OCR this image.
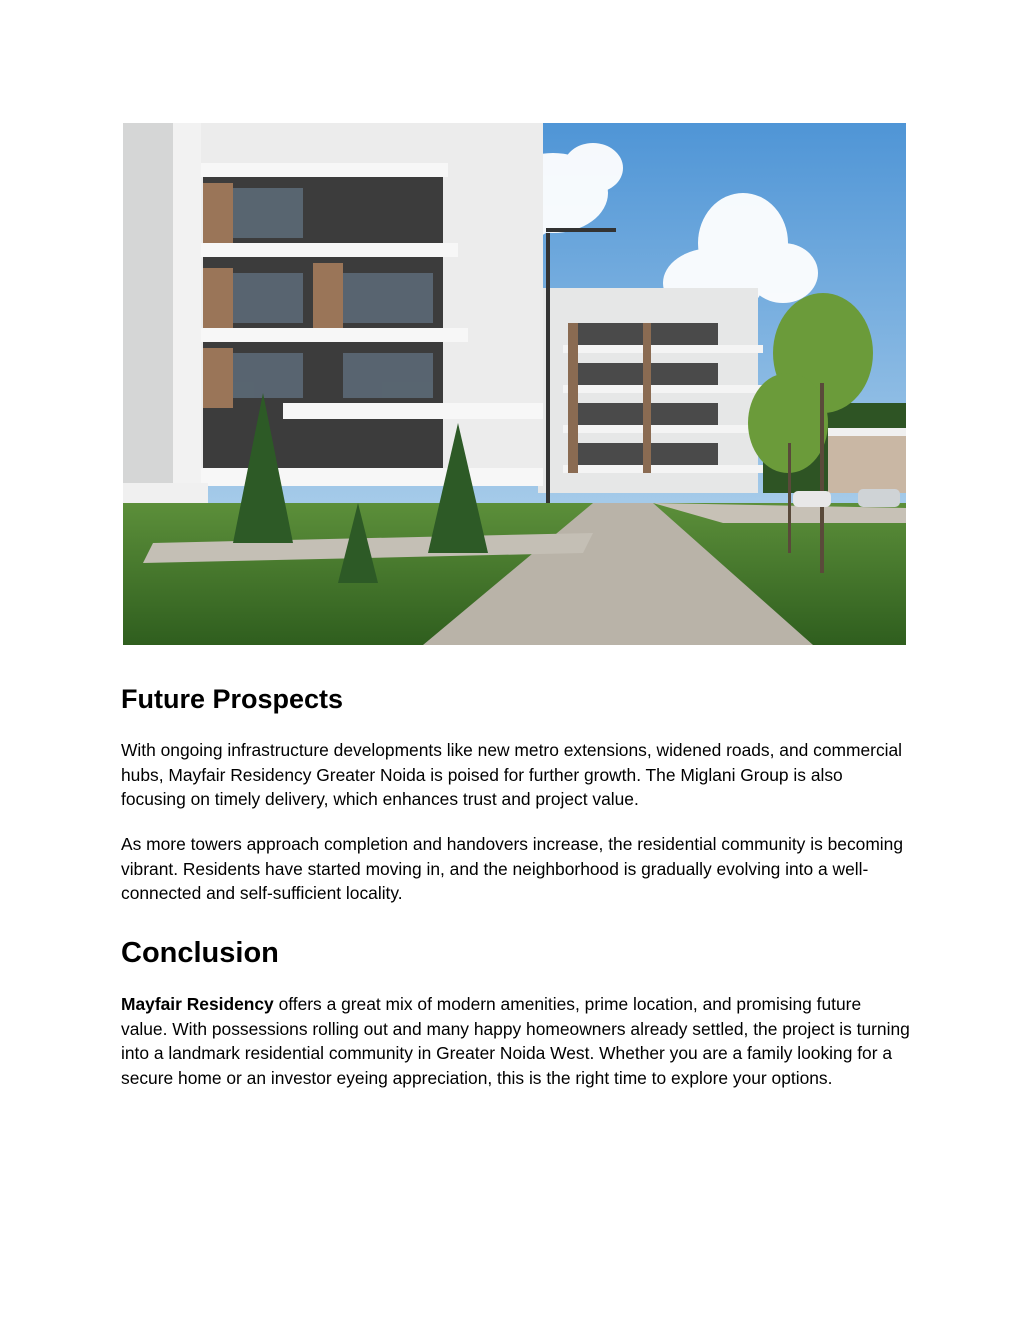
Future Prospects

With ongoing infrastructure developments like new metro extensions, widened roads, and commercial hubs, Mayfair Residency Greater Noida is poised for further growth. The Miglani Group is also focusing on timely delivery, which enhances trust and project value.

As more towers approach completion and handovers increase, the residential community is becoming vibrant. Residents have started moving in, and the neighborhood is gradually evolving into a well-connected and self-sufficient locality.

Conclusion

Mayfair Residency offers a great mix of modern amenities, prime location, and promising future value. With possessions rolling out and many happy homeowners already settled, the project is turning into a landmark residential community in Greater Noida West. Whether you are a family looking for a secure home or an investor eyeing appreciation, this is the right time to explore your options.
